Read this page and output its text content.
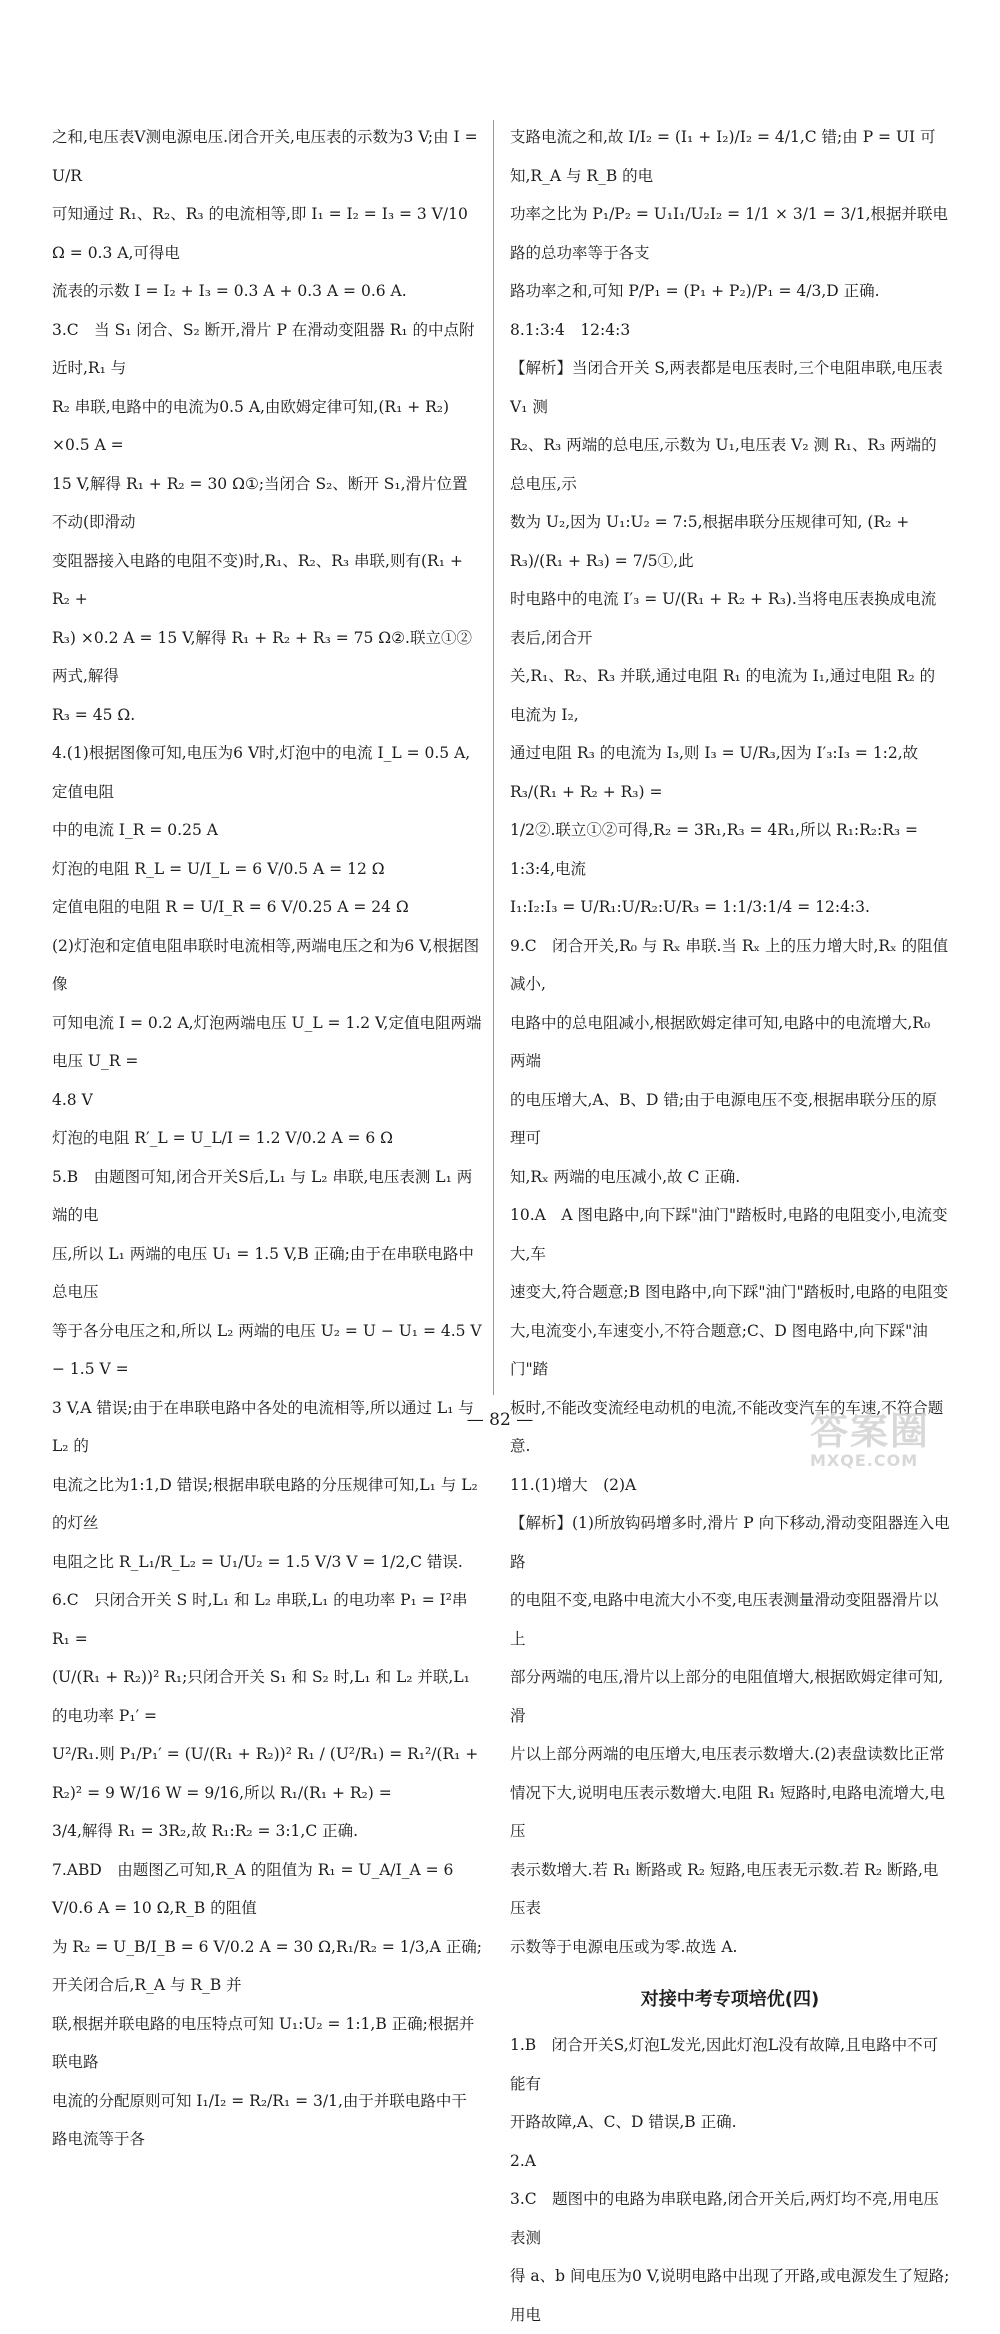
之和,电压表V测电源电压.闭合开关,电压表的示数为3 V;由 I = U/R

可知通过 R₁、R₂、R₃ 的电流相等,即 I₁ = I₂ = I₃ = 3 V/10 Ω = 0.3 A,可得电

流表的示数 I = I₂ + I₃ = 0.3 A + 0.3 A = 0.6 A.

3.C　当 S₁ 闭合、S₂ 断开,滑片 P 在滑动变阻器 R₁ 的中点附近时,R₁ 与

R₂ 串联,电路中的电流为0.5 A,由欧姆定律可知,(R₁ + R₂) ×0.5 A =

15 V,解得 R₁ + R₂ = 30 Ω①;当闭合 S₂、断开 S₁,滑片位置不动(即滑动

变阻器接入电路的电阻不变)时,R₁、R₂、R₃ 串联,则有(R₁ + R₂ +

R₃) ×0.2 A = 15 V,解得 R₁ + R₂ + R₃ = 75 Ω②.联立①②两式,解得

R₃ = 45 Ω.

4.(1)根据图像可知,电压为6 V时,灯泡中的电流 I_L = 0.5 A,定值电阻

中的电流 I_R = 0.25 A

灯泡的电阻 R_L = U/I_L = 6 V/0.5 A = 12 Ω

定值电阻的电阻 R = U/I_R = 6 V/0.25 A = 24 Ω

(2)灯泡和定值电阻串联时电流相等,两端电压之和为6 V,根据图像

可知电流 I = 0.2 A,灯泡两端电压 U_L = 1.2 V,定值电阻两端电压 U_R =

4.8 V

灯泡的电阻 R′_L = U_L/I = 1.2 V/0.2 A = 6 Ω

5.B　由题图可知,闭合开关S后,L₁ 与 L₂ 串联,电压表测 L₁ 两端的电

压,所以 L₁ 两端的电压 U₁ = 1.5 V,B 正确;由于在串联电路中总电压

等于各分电压之和,所以 L₂ 两端的电压 U₂ = U − U₁ = 4.5 V − 1.5 V =

3 V,A 错误;由于在串联电路中各处的电流相等,所以通过 L₁ 与 L₂ 的

电流之比为1:1,D 错误;根据串联电路的分压规律可知,L₁ 与 L₂ 的灯丝

电阻之比 R_L₁/R_L₂ = U₁/U₂ = 1.5 V/3 V = 1/2,C 错误.

6.C　只闭合开关 S 时,L₁ 和 L₂ 串联,L₁ 的电功率 P₁ = I²串 R₁ =

(U/(R₁ + R₂))² R₁;只闭合开关 S₁ 和 S₂ 时,L₁ 和 L₂ 并联,L₁ 的电功率 P₁′ =

U²/R₁.则 P₁/P₁′ = (U/(R₁ + R₂))² R₁ / (U²/R₁) = R₁²/(R₁ + R₂)² = 9 W/16 W = 9/16,所以 R₁/(R₁ + R₂) =

3/4,解得 R₁ = 3R₂,故 R₁:R₂ = 3:1,C 正确.

7.ABD　由题图乙可知,R_A 的阻值为 R₁ = U_A/I_A = 6 V/0.6 A = 10 Ω,R_B 的阻值

为 R₂ = U_B/I_B = 6 V/0.2 A = 30 Ω,R₁/R₂ = 1/3,A 正确;开关闭合后,R_A 与 R_B 并

联,根据并联电路的电压特点可知 U₁:U₂ = 1:1,B 正确;根据并联电路

电流的分配原则可知 I₁/I₂ = R₂/R₁ = 3/1,由于并联电路中干路电流等于各

支路电流之和,故 I/I₂ = (I₁ + I₂)/I₂ = 4/1,C 错;由 P = UI 可知,R_A 与 R_B 的电

功率之比为 P₁/P₂ = U₁I₁/U₂I₂ = 1/1 × 3/1 = 3/1,根据并联电路的总功率等于各支

路功率之和,可知 P/P₁ = (P₁ + P₂)/P₁ = 4/3,D 正确.

8.1:3:4　12:4:3

【解析】当闭合开关 S,两表都是电压表时,三个电阻串联,电压表 V₁ 测

R₂、R₃ 两端的总电压,示数为 U₁,电压表 V₂ 测 R₁、R₃ 两端的总电压,示

数为 U₂,因为 U₁:U₂ = 7:5,根据串联分压规律可知, (R₂ + R₃)/(R₁ + R₃) = 7/5①,此

时电路中的电流 I′₃ = U/(R₁ + R₂ + R₃).当将电压表换成电流表后,闭合开

关,R₁、R₂、R₃ 并联,通过电阻 R₁ 的电流为 I₁,通过电阻 R₂ 的电流为 I₂,

通过电阻 R₃ 的电流为 I₃,则 I₃ = U/R₃,因为 I′₃:I₃ = 1:2,故 R₃/(R₁ + R₂ + R₃) =

1/2②.联立①②可得,R₂ = 3R₁,R₃ = 4R₁,所以 R₁:R₂:R₃ = 1:3:4,电流

I₁:I₂:I₃ = U/R₁:U/R₂:U/R₃ = 1:1/3:1/4 = 12:4:3.

9.C　闭合开关,R₀ 与 Rₓ 串联.当 Rₓ 上的压力增大时,Rₓ 的阻值减小,

电路中的总电阻减小,根据欧姆定律可知,电路中的电流增大,R₀ 两端

的电压增大,A、B、D 错;由于电源电压不变,根据串联分压的原理可

知,Rₓ 两端的电压减小,故 C 正确.

10.A　A 图电路中,向下踩"油门"踏板时,电路的电阻变小,电流变大,车

速变大,符合题意;B 图电路中,向下踩"油门"踏板时,电路的电阻变

大,电流变小,车速变小,不符合题意;C、D 图电路中,向下踩"油门"踏

板时,不能改变流经电动机的电流,不能改变汽车的车速,不符合题意.

11.(1)增大　(2)A

【解析】(1)所放钩码增多时,滑片 P 向下移动,滑动变阻器连入电路

的电阻不变,电路中电流大小不变,电压表测量滑动变阻器滑片以上

部分两端的电压,滑片以上部分的电阻值增大,根据欧姆定律可知,滑

片以上部分两端的电压增大,电压表示数增大.(2)表盘读数比正常

情况下大,说明电压表示数增大.电阻 R₁ 短路时,电路电流增大,电压

表示数增大.若 R₁ 断路或 R₂ 短路,电压表无示数.若 R₂ 断路,电压表

示数等于电源电压或为零.故选 A.

对接中考专项培优(四)

1.B　闭合开关S,灯泡L发光,因此灯泡L没有故障,且电路中不可能有

开路故障,A、C、D 错误,B 正确.

2.A

3.C　题图中的电路为串联电路,闭合开关后,两灯均不亮,用电压表测

得 a、b 间电压为0 V,说明电路中出现了开路,或电源发生了短路;用电

— 82 —	答案圈
MXQE.COM
